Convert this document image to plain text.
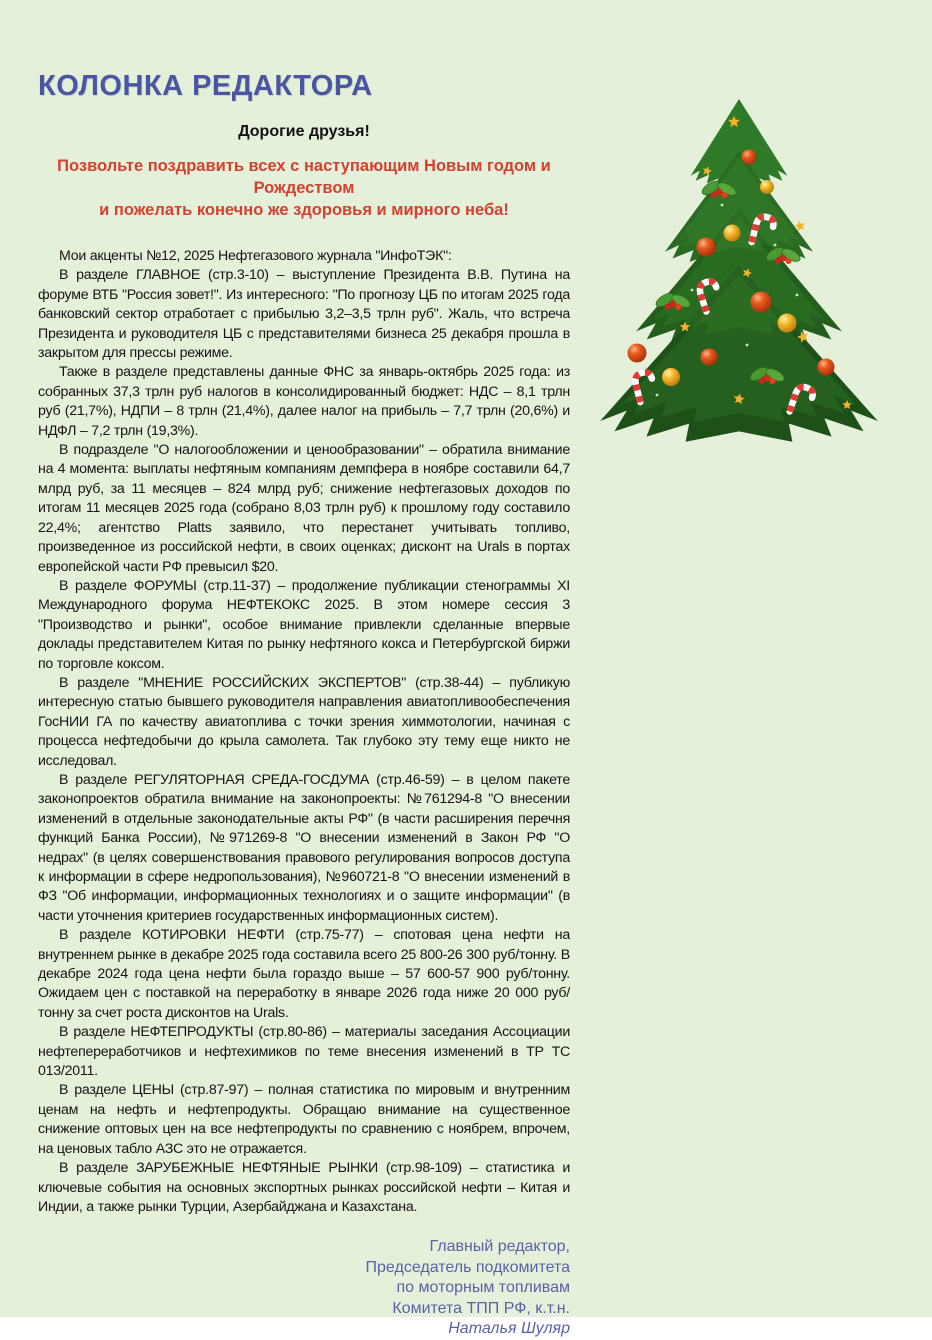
КОЛОНКА РЕДАКТОРА

Дорогие друзья!

Позвольте поздравить всех с наступающим Новым годом и Рождеством
и пожелать конечно же здоровья и мирного неба!

Мои акценты №12, 2025 Нефтегазового журнала "ИнфоТЭК":

В разделе ГЛАВНОЕ (стр.3-10) – выступление Президента В.В. Путина на форуме ВТБ "Россия зовет!". Из интересного: "По прогнозу ЦБ по итогам 2025 года банковский сектор отработает с прибылью 3,2–3,5 трлн руб". Жаль, что встреча Президента и руководителя ЦБ с представителями бизнеса 25 декабря прошла в закрытом для прессы режиме.

Также в разделе представлены данные ФНС за январь-октябрь 2025 года: из собранных 37,3 трлн руб налогов в консолидированный бюджет: НДС – 8,1 трлн руб (21,7%), НДПИ – 8 трлн (21,4%), далее налог на прибыль – 7,7 трлн (20,6%) и НДФЛ – 7,2 трлн (19,3%).

В подразделе "О налогообложении и ценообразовании" – обратила внимание на 4 момента: выплаты нефтяным компаниям демпфера в ноябре составили 64,7 млрд руб, за 11 месяцев – 824 млрд руб; снижение нефтегазовых доходов по итогам 11 месяцев 2025 года (собрано 8,03 трлн руб) к прошлому году составило 22,4%; агентство Platts заявило, что перестанет учитывать топливо, произведенное из российской нефти, в своих оценках; дисконт на Urals в портах европейской части РФ превысил $20.

В разделе ФОРУМЫ (стр.11-37) – продолжение публикации стенограммы XI Международного форума НЕФТЕКОКС 2025. В этом номере сессия 3 "Производство и рынки", особое внимание привлекли сделанные впервые доклады представителем Китая по рынку нефтяного кокса и Петербургской биржи по торговле коксом.

В разделе "МНЕНИЕ РОССИЙСКИХ ЭКСПЕРТОВ" (стр.38-44) – публикую интересную статью бывшего руководителя направления авиатопливообеспечения ГосНИИ ГА по качеству авиатоплива с точки зрения химмотологии, начиная с процесса нефтедобычи до крыла самолета. Так глубоко эту тему еще никто не исследовал.

В разделе РЕГУЛЯТОРНАЯ СРЕДА-ГОСДУМА (стр.46-59) – в целом пакете законопроектов обратила внимание на законопроекты: №761294-8 "О внесении изменений в отдельные законодательные акты РФ" (в части расширения перечня функций Банка России), №971269-8 "О внесении изменений в Закон РФ "О недрах" (в целях совершенствования правового регулирования вопросов доступа к информации в сфере недропользования), №960721-8 "О внесении изменений в ФЗ "Об информации, информационных технологиях и о защите информации" (в части уточнения критериев государственных информационных систем).

В разделе КОТИРОВКИ НЕФТИ (стр.75-77) – спотовая цена нефти на внутреннем рынке в декабре 2025 года составила всего 25 800-26 300 руб/тонну. В декабре 2024 года цена нефти была гораздо выше – 57 600-57 900 руб/тонну. Ожидаем цен с поставкой на переработку в январе 2026 года ниже 20 000 руб/тонну за счет роста дисконтов на Urals.

В разделе НЕФТЕПРОДУКТЫ (стр.80-86) – материалы заседания Ассоциации нефтепереработчиков и нефтехимиков по теме внесения изменений в ТР ТС 013/2011.

В разделе ЦЕНЫ (стр.87-97) – полная статистика по мировым и внутренним ценам на нефть и нефтепродукты. Обращаю внимание на существенное снижение оптовых цен на все нефтепродукты по сравнению с ноябрем, впрочем, на ценовых табло АЗС это не отражается.

В разделе ЗАРУБЕЖНЫЕ НЕФТЯНЫЕ РЫНКИ (стр.98-109) – статистика и ключевые события на основных экспортных рынках российской нефти – Китая и Индии, а также рынки Турции, Азербайджана и Казахстана.

Главный редактор,
Председатель подкомитета
по моторным топливам
Комитета ТПП РФ, к.т.н.
Наталья Шуляр
